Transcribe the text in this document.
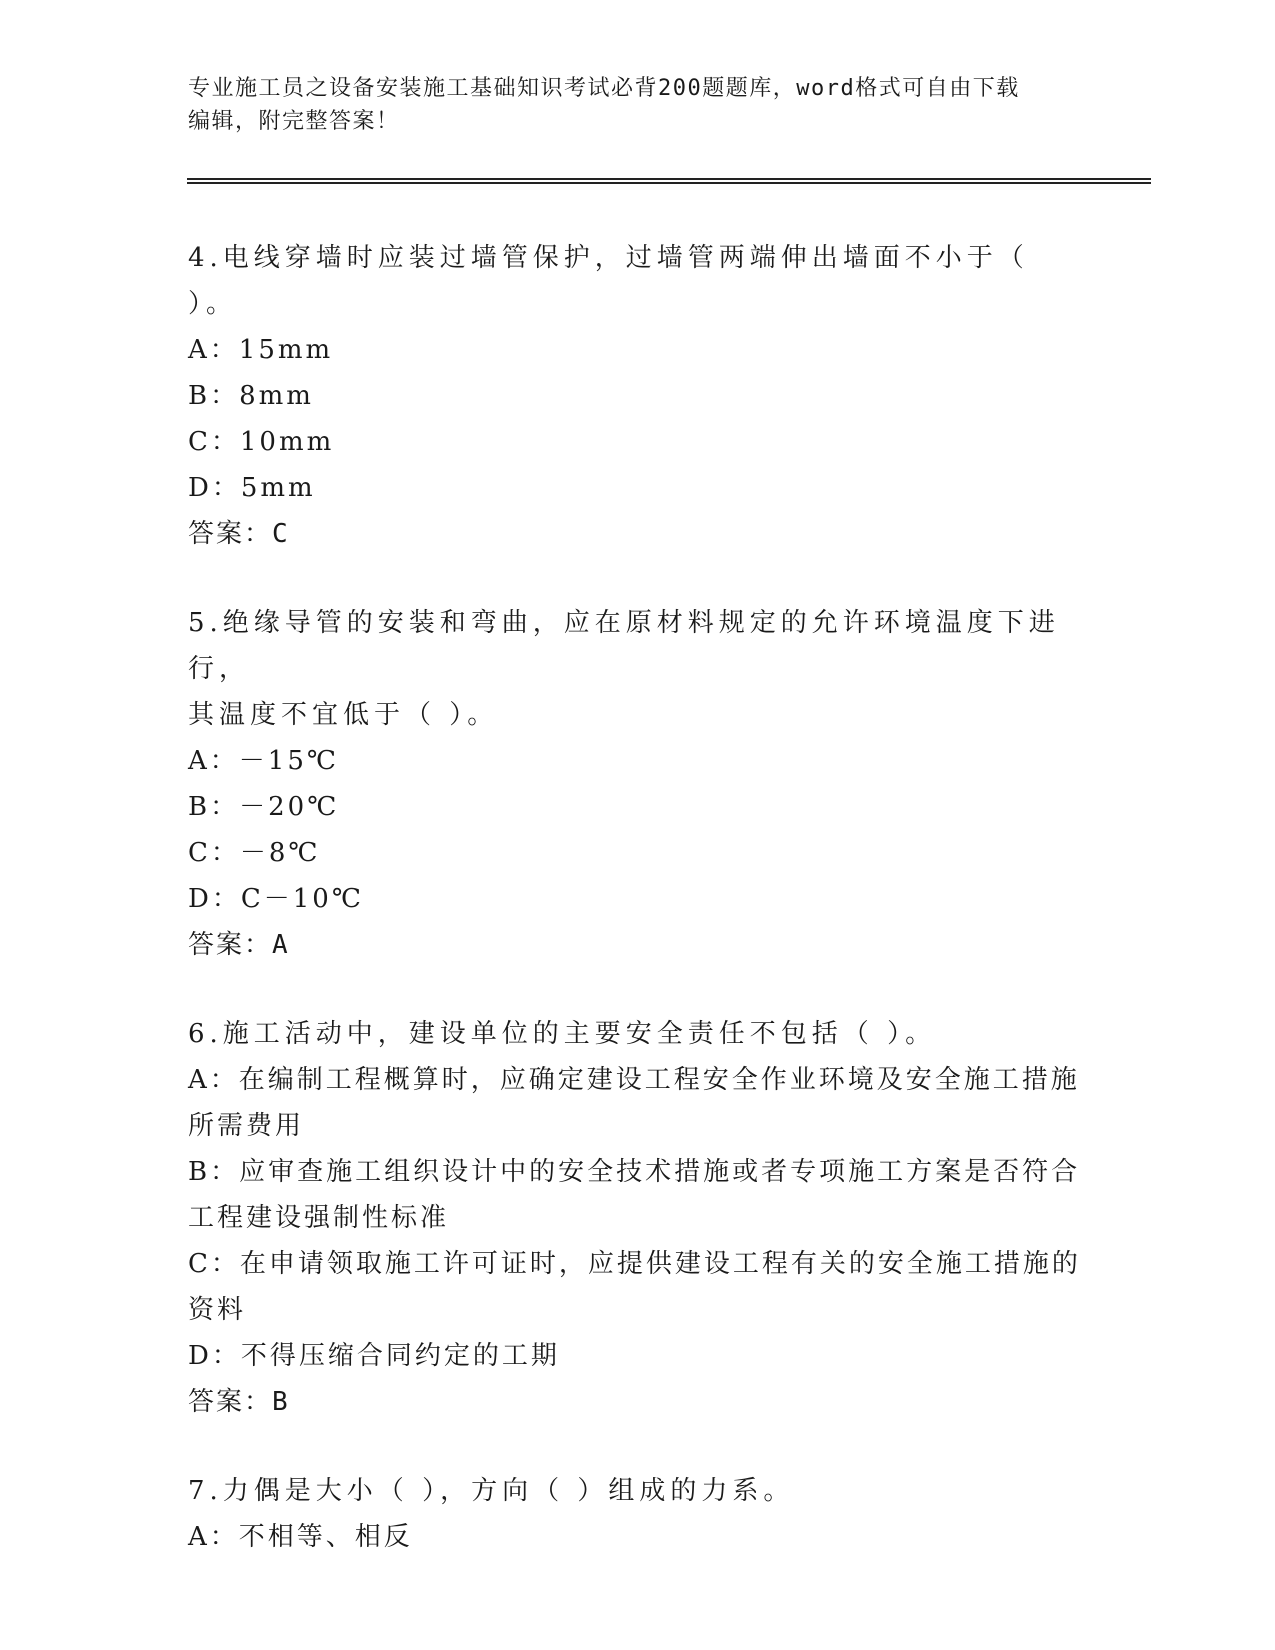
专业施工员之设备安装施工基础知识考试必背200题题库，word格式可自由下载
编辑，附完整答案！
4.电线穿墙时应装过墙管保护，过墙管两端伸出墙面不小于（ ）。
A：15mm
B：8mm
C：10mm
D：5mm
答案：C
5.绝缘导管的安装和弯曲，应在原材料规定的允许环境温度下进行，
其温度不宜低于（ ）。
A：－15℃
B：－20℃
C：－8℃
D：C－10℃
答案：A
6.施工活动中，建设单位的主要安全责任不包括（ ）。
A：在编制工程概算时，应确定建设工程安全作业环境及安全施工措施
所需费用
B：应审查施工组织设计中的安全技术措施或者专项施工方案是否符合
工程建设强制性标准
C：在申请领取施工许可证时，应提供建设工程有关的安全施工措施的
资料
D：不得压缩合同约定的工期
答案：B
7.力偶是大小（ ），方向（ ）组成的力系。
A：不相等、相反
